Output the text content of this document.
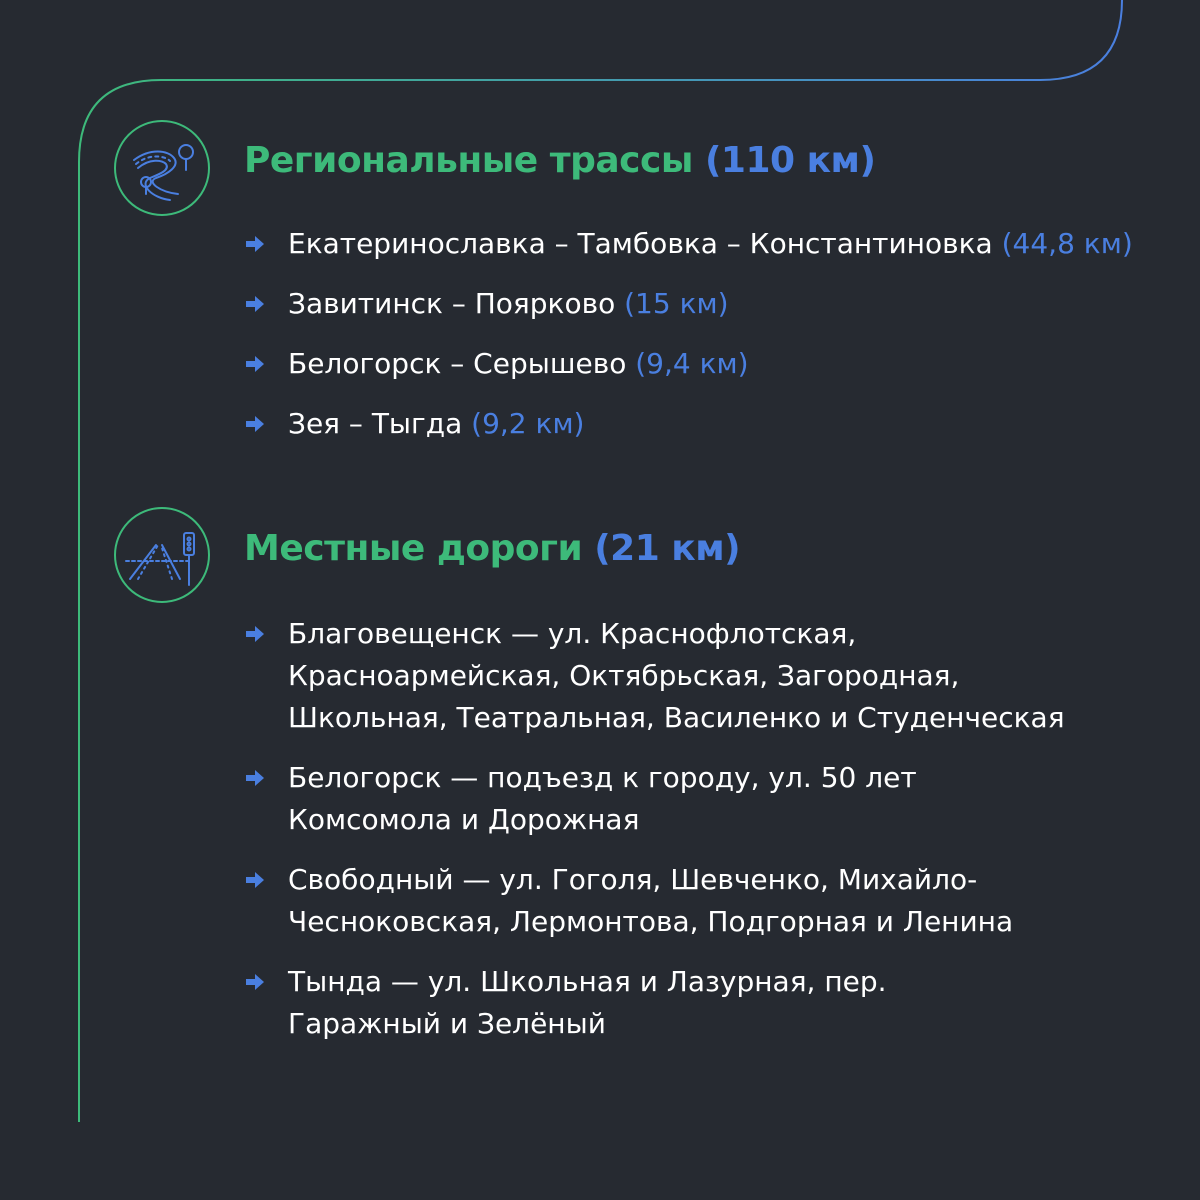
Региональные трассы (110 км)
Екатеринославка – Тамбовка – Константиновка (44,8 км)
Завитинск – Поярково (15 км)
Белогорск – Серышево (9,4 км)
Зея – Тыгда (9,2 км)
Местные дороги (21 км)
Благовещенск — ул. Краснофлотская, Красноармейская, Октябрьская, Загородная, Школьная, Театральная, Василенко и Студенческая
Белогорск — подъезд к городу, ул. 50 лет Комсомола и Дорожная
Свободный — ул. Гоголя, Шевченко, Михайло-Чесноковская, Лермонтова, Подгорная и Ленина
Тында — ул. Школьная и Лазурная, пер. Гаражный и Зелёный
